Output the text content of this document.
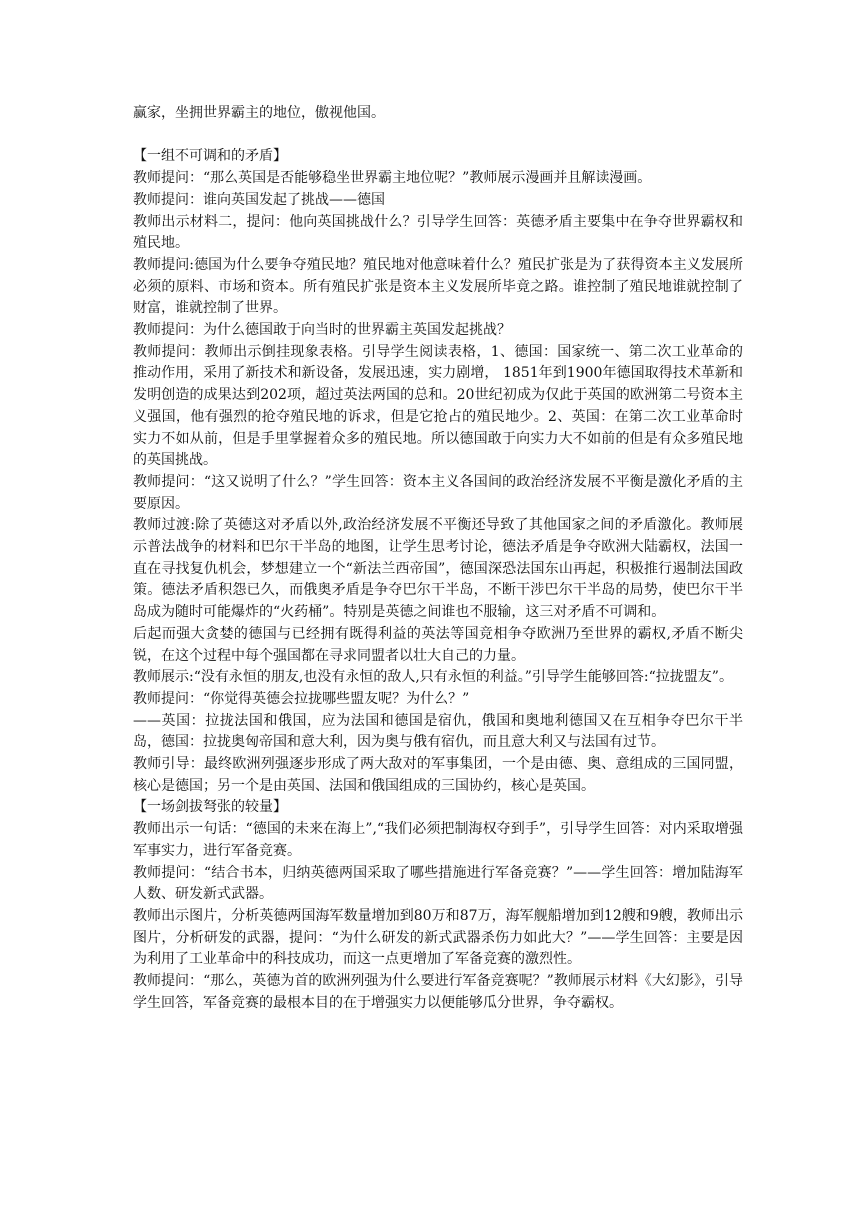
赢家，坐拥世界霸主的地位，傲视他国。

【一组不可调和的矛盾】

教师提问：“那么英国是否能够稳坐世界霸主地位呢？”教师展示漫画并且解读漫画。

教师提问：谁向英国发起了挑战——德国

教师出示材料二，提问：他向英国挑战什么？引导学生回答：英德矛盾主要集中在争夺世界霸权和殖民地。

教师提问:德国为什么要争夺殖民地？殖民地对他意味着什么？殖民扩张是为了获得资本主义发展所必须的原料、市场和资本。所有殖民扩张是资本主义发展所毕竟之路。谁控制了殖民地谁就控制了财富，谁就控制了世界。

教师提问：为什么德国敢于向当时的世界霸主英国发起挑战？

教师提问：教师出示倒挂现象表格。引导学生阅读表格，1、德国：国家统一、第二次工业革命的推动作用，采用了新技术和新设备，发展迅速，实力剧增， 1851年到1900年德国取得技术革新和发明创造的成果达到202项，超过英法两国的总和。20世纪初成为仅此于英国的欧洲第二号资本主义强国，他有强烈的抢夺殖民地的诉求，但是它抢占的殖民地少。2、英国：在第二次工业革命时实力不如从前，但是手里掌握着众多的殖民地。所以德国敢于向实力大不如前的但是有众多殖民地的英国挑战。

教师提问：“这又说明了什么？”学生回答：资本主义各国间的政治经济发展不平衡是激化矛盾的主要原因。

教师过渡:除了英德这对矛盾以外,政治经济发展不平衡还导致了其他国家之间的矛盾激化。教师展示普法战争的材料和巴尔干半岛的地图，让学生思考讨论，德法矛盾是争夺欧洲大陆霸权，法国一直在寻找复仇机会，梦想建立一个“新法兰西帝国”，德国深恐法国东山再起，积极推行遏制法国政策。德法矛盾积怨已久，而俄奥矛盾是争夺巴尔干半岛，不断干涉巴尔干半岛的局势，使巴尔干半岛成为随时可能爆炸的“火药桶”。特别是英德之间谁也不服输，这三对矛盾不可调和。

后起而强大贪婪的德国与已经拥有既得利益的英法等国竞相争夺欧洲乃至世界的霸权,矛盾不断尖锐，在这个过程中每个强国都在寻求同盟者以壮大自己的力量。

教师展示:“没有永恒的朋友,也没有永恒的敌人,只有永恒的利益。”引导学生能够回答:“拉拢盟友”。

教师提问：“你觉得英德会拉拢哪些盟友呢？为什么？”

——英国：拉拢法国和俄国，应为法国和德国是宿仇，俄国和奥地利德国又在互相争夺巴尔干半岛，德国：拉拢奥匈帝国和意大利，因为奥与俄有宿仇，而且意大利又与法国有过节。

教师引导：最终欧洲列强逐步形成了两大敌对的军事集团，一个是由德、奥、意组成的三国同盟，核心是德国；另一个是由英国、法国和俄国组成的三国协约，核心是英国。

【一场剑拔弩张的较量】

教师出示一句话：“德国的未来在海上”,“我们必须把制海权夺到手”，引导学生回答：对内采取增强军事实力，进行军备竞赛。

教师提问：“结合书本，归纳英德两国采取了哪些措施进行军备竞赛？”——学生回答：增加陆海军人数、研发新式武器。

教师出示图片，分析英德两国海军数量增加到80万和87万，海军舰船增加到12艘和9艘，教师出示图片，分析研发的武器，提问：“为什么研发的新式武器杀伤力如此大？”——学生回答：主要是因为利用了工业革命中的科技成功，而这一点更增加了军备竞赛的激烈性。

教师提问：“那么，英德为首的欧洲列强为什么要进行军备竞赛呢？”教师展示材料《大幻影》，引导学生回答，军备竞赛的最根本目的在于增强实力以便能够瓜分世界，争夺霸权。
